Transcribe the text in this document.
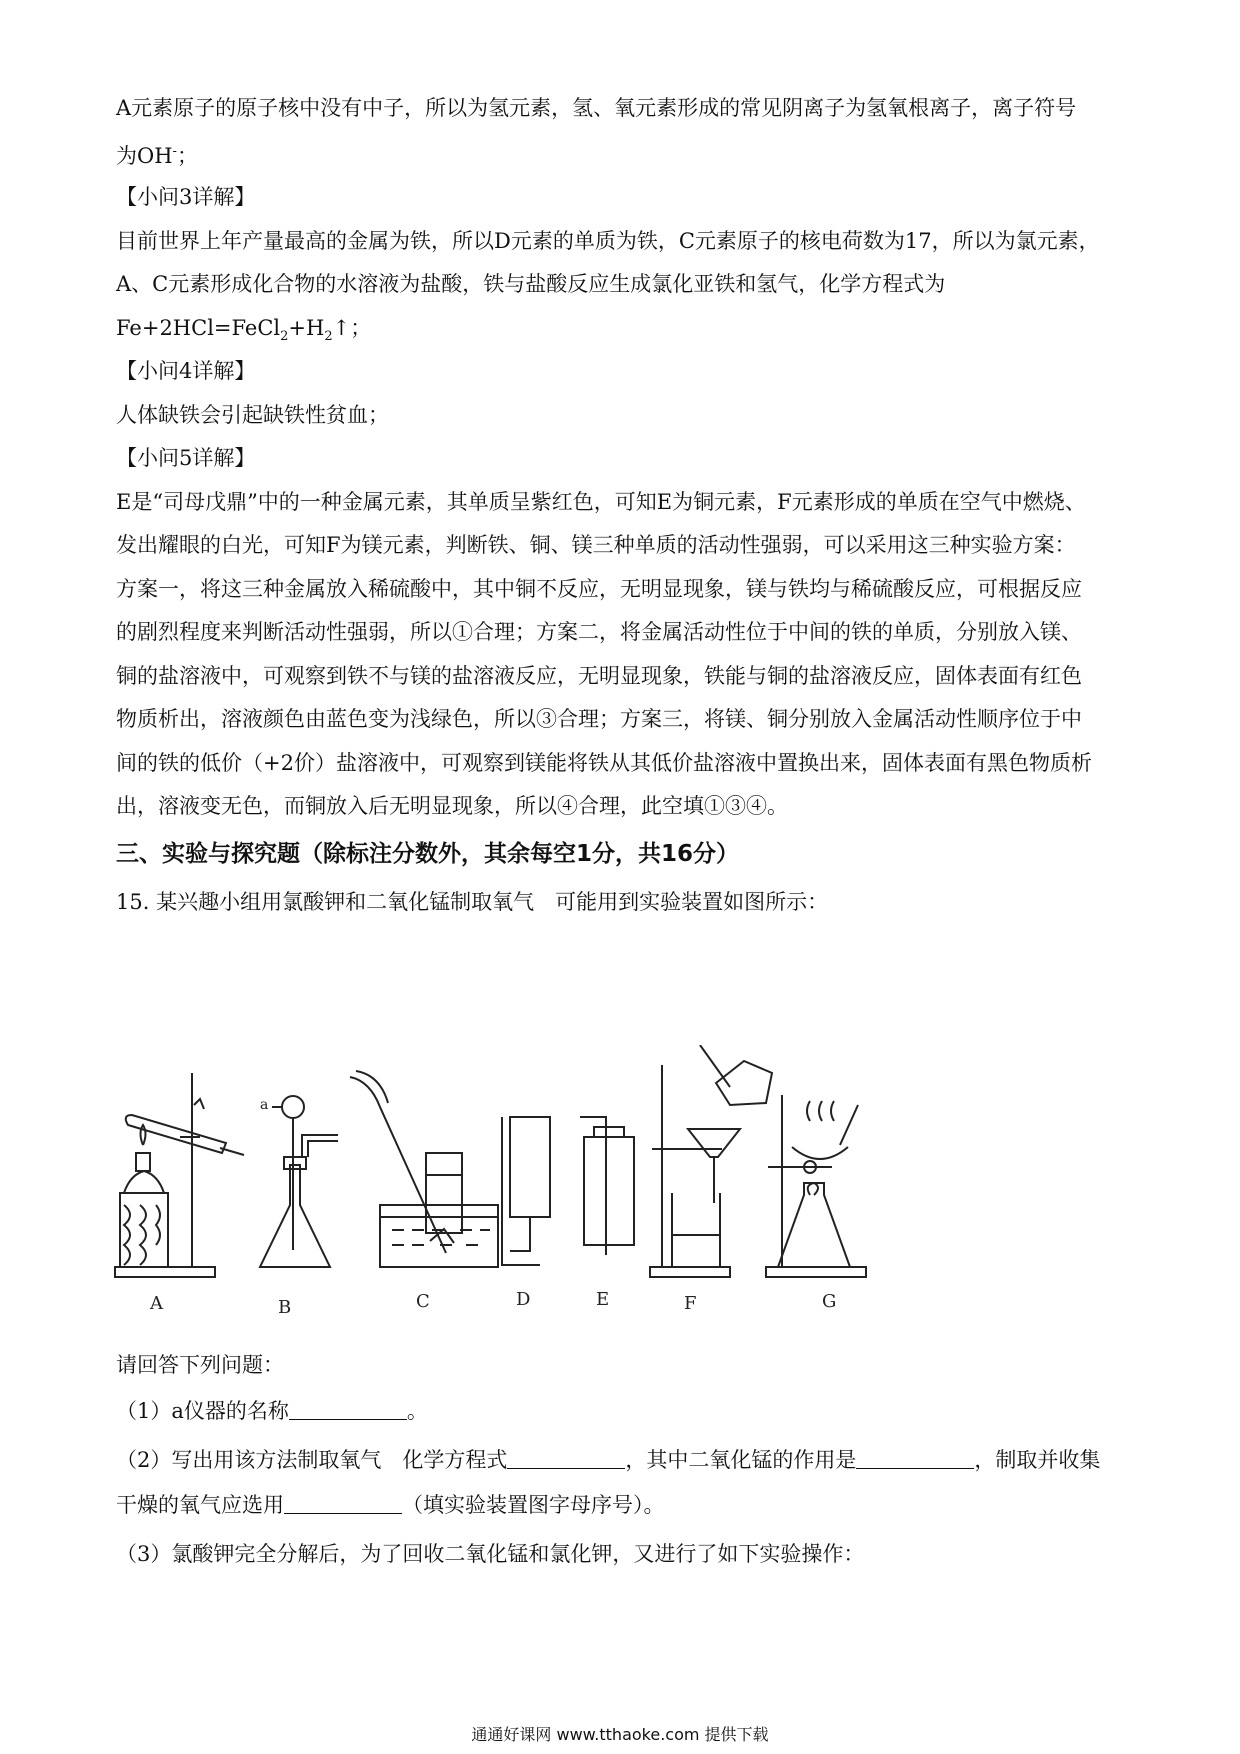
A元素原子的原子核中没有中子，所以为氢元素，氢、氧元素形成的常见阴离子为氢氧根离子，离子符号
为OH-；
【小问3详解】
目前世界上年产量最高的金属为铁，所以D元素的单质为铁，C元素原子的核电荷数为17，所以为氯元素，
A、C元素形成化合物的水溶液为盐酸，铁与盐酸反应生成氯化亚铁和氢气，化学方程式为
$Fe+2HCl=FeCl_2+H_2↑$；
【小问4详解】
人体缺铁会引起缺铁性贫血；
【小问5详解】
E是“司母戊鼎”中的一种金属元素，其单质呈紫红色，可知E为铜元素，F元素形成的单质在空气中燃烧、
发出耀眼的白光，可知F为镁元素，判断铁、铜、镁三种单质的活动性强弱，可以采用这三种实验方案：
方案一，将这三种金属放入稀硫酸中，其中铜不反应，无明显现象，镁与铁均与稀硫酸反应，可根据反应
的剧烈程度来判断活动性强弱，所以①合理；方案二，将金属活动性位于中间的铁的单质，分别放入镁、
铜的盐溶液中，可观察到铁不与镁的盐溶液反应，无明显现象，铁能与铜的盐溶液反应，固体表面有红色
物质析出，溶液颜色由蓝色变为浅绿色，所以③合理；方案三，将镁、铜分别放入金属活动性顺序位于中
间的铁的低价（+2价）盐溶液中，可观察到镁能将铁从其低价盐溶液中置换出来，固体表面有黑色物质析
出，溶液变无色，而铜放入后无明显现象，所以④合理，此空填①③④。
三、实验与探究题（除标注分数外，其余每空1分，共16分）
15. 某兴趣小组用氯酸钾和二氧化锰制取氧气　可能用到实验装置如图所示：
A	B	C	D	E	F	G
a
请回答下列问题：
（1）a仪器的名称	。
（2）写出用该方法制取氧气　化学方程式	，其中二氧化锰的作用是	，制取并收集
干燥的氧气应选用	（填实验装置图字母序号）。
（3）氯酸钾完全分解后，为了回收二氧化锰和氯化钾，又进行了如下实验操作：
通通好课网 www.tthaoke.com 提供下载
